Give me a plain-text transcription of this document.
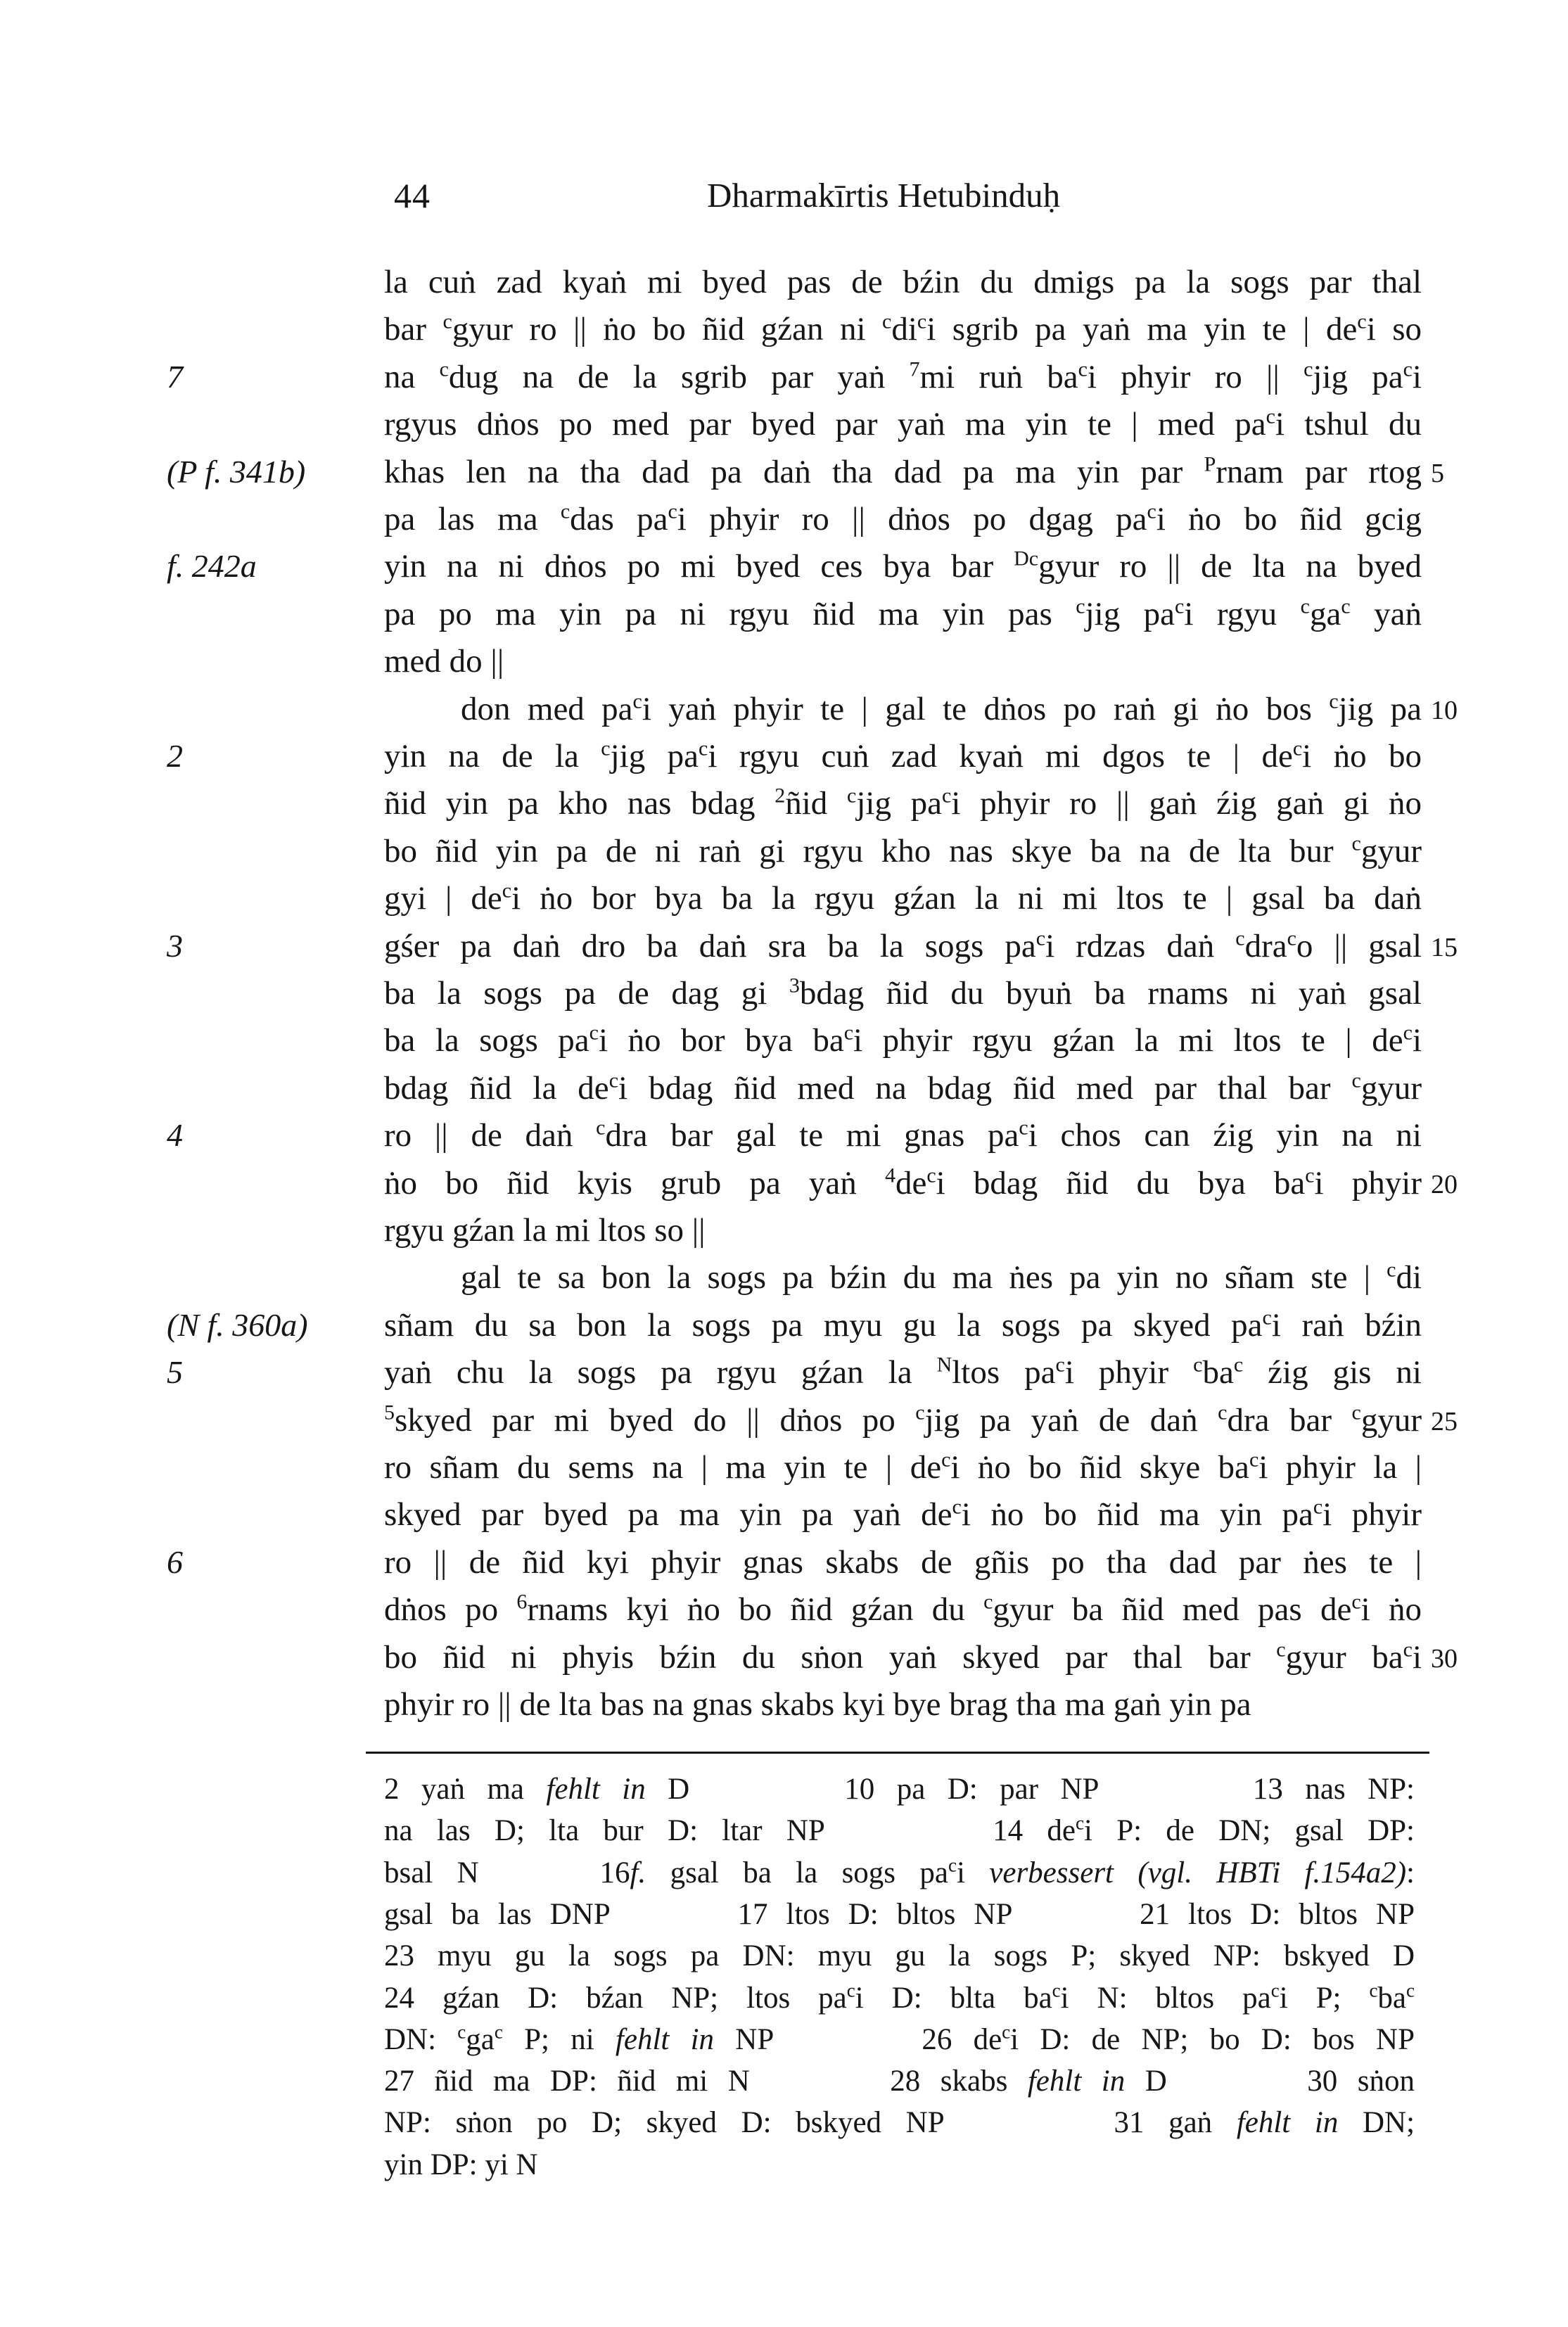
44	Dharmakīrtis Hetubinduḥ
la cuṅ zad kyaṅ mi byed pas de bźin du dmigs pa la sogs par thal
bar $^c$gyur ro || ṅo bo ñid gźan ni $^cdi^ci$ sgrib pa yaṅ ma yin te | $de^ci$ so
na $^c$dug na de la sgrib par yaṅ $^7$mi ruṅ $ba^ci$ phyir ro || $^c$jig $pa^ci$
rgyus dṅos po med par byed par yaṅ ma yin te | med $pa^ci$ tshul du
khas len na tha dad pa daṅ tha dad pa ma yin par $^P$rnam par rtog
pa las ma $^c$das $pa^ci$ phyir ro || dṅos po dgag $pa^ci$ ṅo bo ñid gcig
yin na ni dṅos po mi byed ces bya bar $^{Dc}$gyur ro || de lta na byed
pa po ma yin pa ni rgyu ñid ma yin pas $^c$jig $pa^ci$ rgyu $^cga^c$ yaṅ
med do ||
don med $pa^ci$ yaṅ phyir te | gal te dṅos po raṅ gi ṅo bos $^c$jig pa
yin na de la $^c$jig $pa^ci$ rgyu cuṅ zad kyaṅ mi dgos te | $de^ci$ ṅo bo
ñid yin pa kho nas bdag $^2$ñid $^c$jig $pa^ci$ phyir ro || gaṅ źig gaṅ gi ṅo
bo ñid yin pa de ni raṅ gi rgyu kho nas skye ba na de lta bur $^c$gyur
gyi | $de^ci$ ṅo bor bya ba la rgyu gźan la ni mi ltos te | gsal ba daṅ
gśer pa daṅ dro ba daṅ sra ba la sogs $pa^ci$ rdzas daṅ $^c$dra$^c$o || gsal
ba la sogs pa de dag gi $^3$bdag ñid du byuṅ ba rnams ni yaṅ gsal
ba la sogs $pa^ci$ ṅo bor bya $ba^ci$ phyir rgyu gźan la mi ltos te | $de^ci$
bdag ñid la $de^ci$ bdag ñid med na bdag ñid med par thal bar $^c$gyur
ro || de daṅ $^c$dra bar gal te mi gnas $pa^ci$ chos can źig yin na ni
ṅo bo ñid kyis grub pa yaṅ $^4de^ci$ bdag ñid du bya $ba^ci$ phyir
rgyu gźan la mi ltos so ||
gal te sa bon la sogs pa bźin du ma ṅes pa yin no sñam ste | $^c$di
sñam du sa bon la sogs pa myu gu la sogs pa skyed $pa^ci$ raṅ bźin
yaṅ chu la sogs pa rgyu gźan la $^N$ltos $pa^ci$ phyir $^cba^c$ źig gis ni
$^5$skyed par mi byed do || dṅos po $^c$jig pa yaṅ de daṅ $^c$dra bar $^c$gyur
ro sñam du sems na | ma yin te | $de^ci$ ṅo bo ñid skye $ba^ci$ phyir la |
skyed par byed pa ma yin pa yaṅ $de^ci$ ṅo bo ñid ma yin $pa^ci$ phyir
ro || de ñid kyi phyir gnas skabs de gñis po tha dad par ṅes te |
dṅos po $^6$rnams kyi ṅo bo ñid gźan du $^c$gyur ba ñid med pas $de^ci$ ṅo
bo ñid ni phyis bźin du sṅon yaṅ skyed par thal bar $^c$gyur $ba^ci$
phyir ro || de lta bas na gnas skabs kyi bye brag tha ma gaṅ yin pa
7
(P f. 341b)
f. 242a
2
3
4
(N f. 360a)
5
6
5
10
15
20
25
30
2 yaṅ ma fehlt in D       10 pa D: par NP       13 nas NP:
na las D; lta bur D: ltar NP       14 $de^ci$ P: de DN; gsal DP:
bsal N     16f. gsal ba la sogs $pa^ci$ verbessert (vgl. HBTi f.154a2):
gsal ba las DNP       17 ltos D: bltos NP       21 ltos D: bltos NP
23 myu gu la sogs pa DN: myu gu la sogs P; skyed NP: bskyed D
24 gźan D: bźan NP; ltos $pa^ci$ D: blta $ba^ci$ N: bltos $pa^ci$ P; $^cba^c$
DN: $^cga^c$ P; ni fehlt in NP       26 $de^ci$ D: de NP; bo D: bos NP
27 ñid ma DP: ñid mi N       28 skabs fehlt in D       30 sṅon
NP: sṅon po D; skyed D: bskyed NP       31 gaṅ fehlt in DN;
yin DP: yi N
